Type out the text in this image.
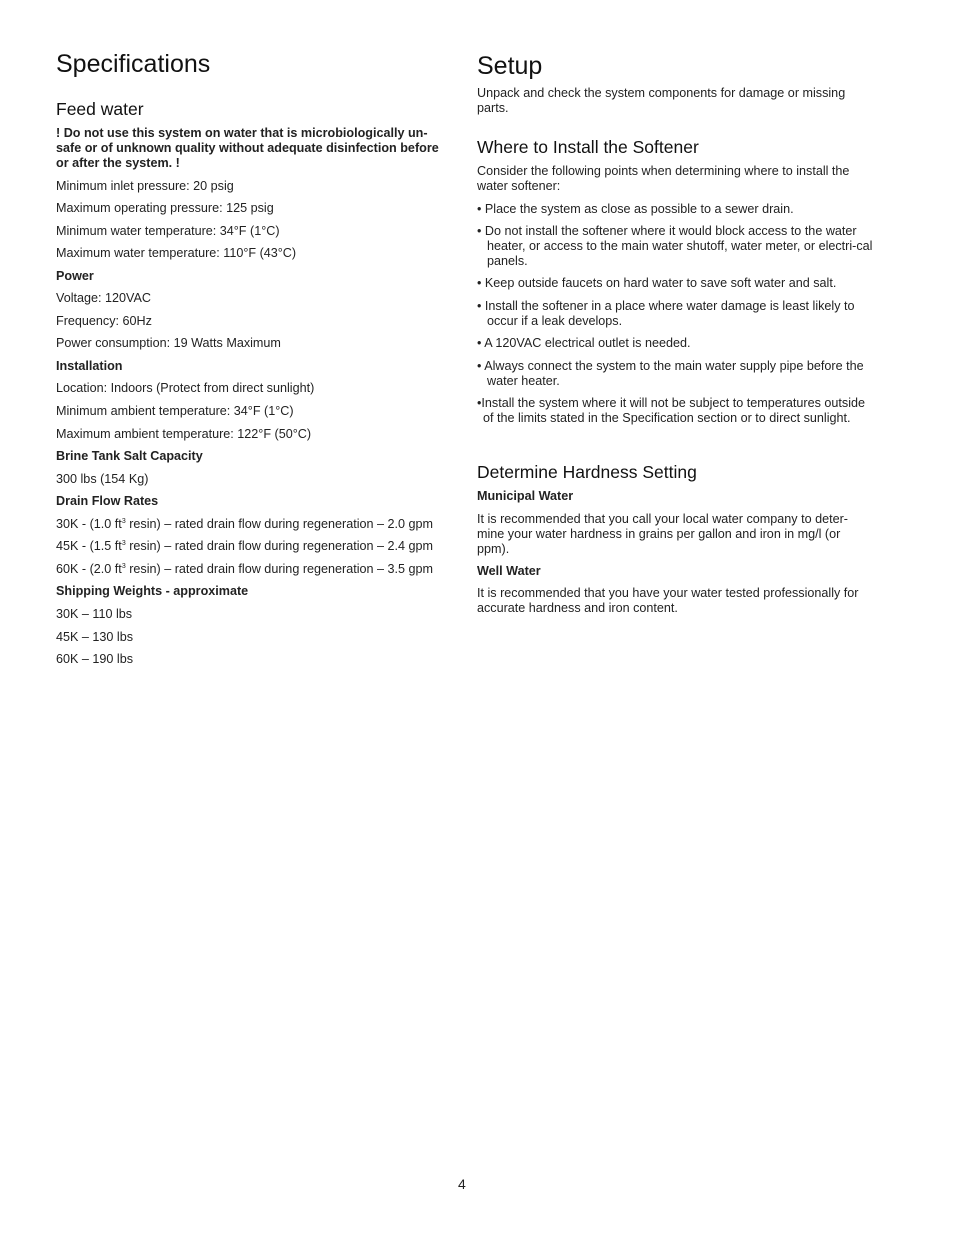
Specifications
Feed water

! Do not use this system on water that is microbiologically un-safe or of unknown quality without adequate disinfection before or after the system. !

Minimum inlet pressure: 20 psig

Maximum operating pressure: 125 psig

Minimum water temperature: 34°F (1°C)

Maximum water temperature: 110°F (43°C)

Power

Voltage: 120VAC

Frequency: 60Hz

Power consumption: 19 Watts Maximum

Installation

Location: Indoors (Protect from direct sunlight)

Minimum ambient temperature: 34°F (1°C)

Maximum ambient temperature: 122°F (50°C)

Brine Tank Salt Capacity

300 lbs (154 Kg)

Drain Flow Rates

30K - (1.0 $ft^3$ resin) – rated drain flow during regeneration – 2.0 gpm

45K - (1.5 $ft^3$ resin) – rated drain flow during regeneration – 2.4 gpm

60K - (2.0 $ft^3$ resin) – rated drain flow during regeneration – 3.5 gpm

Shipping Weights - approximate

30K – 110 lbs

45K – 130 lbs

60K – 190 lbs

Setup

Unpack and check the system components for damage or missing parts.

Where to Install the Softener

Consider the following points when determining where to install the water softener:

• Place the system as close as possible to a sewer drain.

• Do not install the softener where it would block access to the water heater, or access to the main water shutoff, water meter, or electri-cal panels.

• Keep outside faucets on hard water to save soft water and salt.

• Install the softener in a place where water damage is least likely to occur if a leak develops.

• A 120VAC electrical outlet is needed.

• Always connect the system to the main water supply pipe before the water heater.

•Install the system where it will not be subject to temperatures outside of the limits stated in the Specification section or to direct sunlight.

Determine Hardness Setting

Municipal Water

It is recommended that you call your local water company to deter-mine your water hardness in grains per gallon and iron in mg/l (or ppm).

Well Water

It is recommended that you have your water tested professionally for accurate hardness and iron content.

4
